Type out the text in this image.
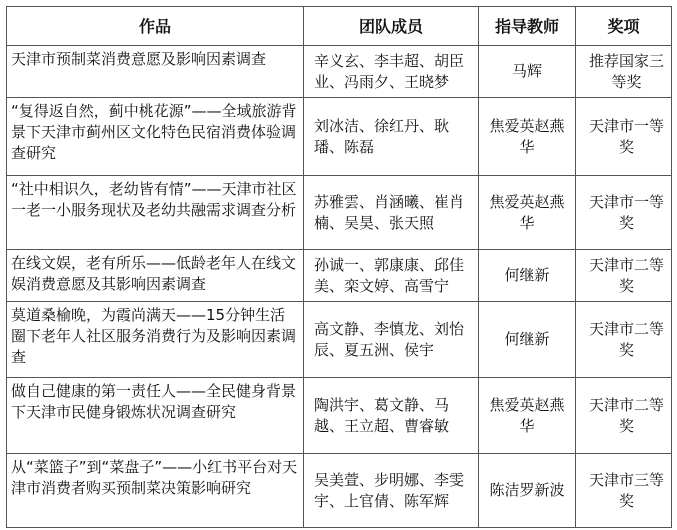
作品	团队成员	指导教师	奖项
天津市预制菜消费意愿及影响因素调查	辛义玄、李丰超、胡臣业、冯雨夕、王晓梦	马辉	推荐国家三等奖
“复得返自然，蓟中桃花源”——全域旅游背景下天津市蓟州区文化特色民宿消费体验调查研究	刘冰洁、徐红丹、耿璠、陈磊	焦爱英赵燕华	天津市一等奖
“社中相识久，老幼皆有情”——天津市社区一老一小服务现状及老幼共融需求调查分析	苏雅雲、肖涵曦、崔肖楠、吴昊、张天照	焦爱英赵燕华	天津市一等奖
在线文娱，老有所乐——低龄老年人在线文娱消费意愿及其影响因素调查	孙诚一、郭康康、邱佳美、栾文婷、高雪宁	何继新	天津市二等奖
莫道桑榆晚，为霞尚满天——15分钟生活圈下老年人社区服务消费行为及影响因素调查	高文静、李慎龙、刘怡辰、夏五洲、侯宇	何继新	天津市二等奖
做自己健康的第一责任人——全民健身背景下天津市民健身锻炼状况调查研究	陶洪宇、葛文静、马越、王立超、曹睿敏	焦爱英赵燕华	天津市二等奖
从“菜篮子”到“菜盘子”——小红书平台对天津市消费者购买预制菜决策影响研究	吴美萱、步明娜、李雯宇、上官倩、陈军辉	陈洁罗新波	天津市三等奖
